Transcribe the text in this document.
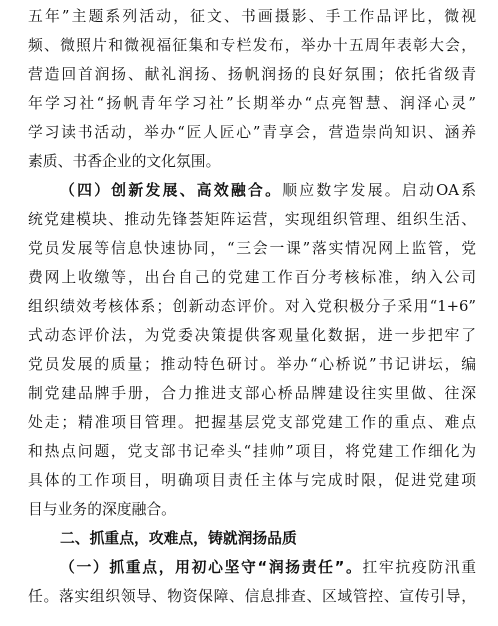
五年”主题系列活动，征文、书画摄影、手工作品评比，微视
频、微照片和微视福征集和专栏发布，举办十五周年表彰大会，
营造回首润扬、献礼润扬、扬帆润扬的良好氛围；依托省级青
年学习社“扬帆青年学习社”长期举办“点亮智慧、润泽心灵”
学习读书活动，举办“匠人匠心”青享会，营造崇尚知识、涵养
素质、书香企业的文化氛围。
（四）创新发展、高效融合。顺应数字发展。启动OA系
统党建模块、推动先锋荟矩阵运营，实现组织管理、组织生活、
党员发展等信息快速协同，“三会一课”落实情况网上监管，党
费网上收缴等，出台自己的党建工作百分考核标准，纳入公司
组织绩效考核体系；创新动态评价。对入党积极分子采用“1+6”
式动态评价法，为党委决策提供客观量化数据，进一步把牢了
党员发展的质量；推动特色研讨。举办“心桥说”书记讲坛，编
制党建品牌手册，合力推进支部心桥品牌建设往实里做、往深
处走；精准项目管理。把握基层党支部党建工作的重点、难点
和热点问题，党支部书记牵头“挂帅”项目，将党建工作细化为
具体的工作项目，明确项目责任主体与完成时限，促进党建项
目与业务的深度融合。
二、抓重点，攻难点，铸就润扬品质
（一）抓重点，用初心坚守“润扬责任”。扛牢抗疫防汛重
任。落实组织领导、物资保障、信息排查、区域管控、宣传引导，
